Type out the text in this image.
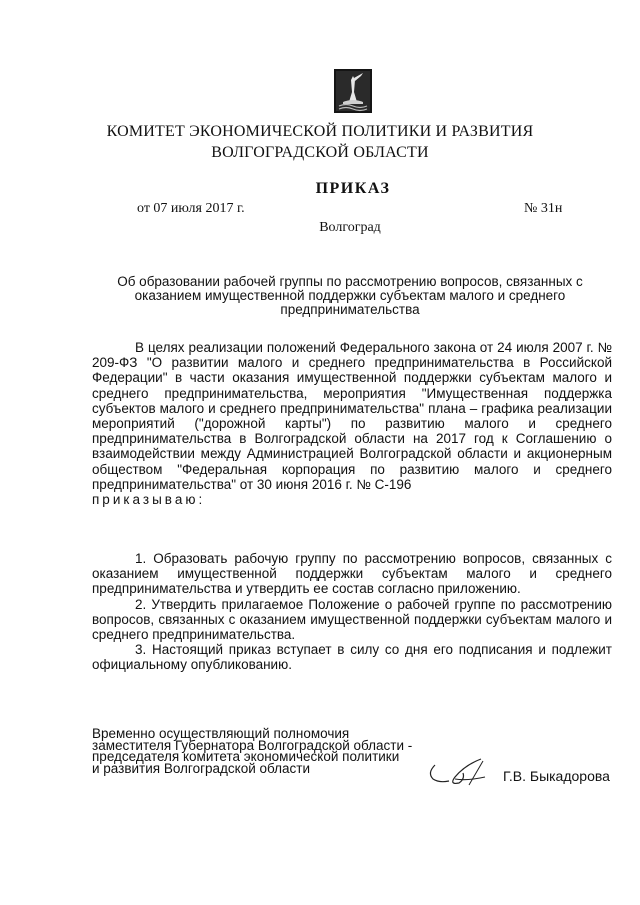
КОМИТЕТ ЭКОНОМИЧЕСКОЙ ПОЛИТИКИ И РАЗВИТИЯ
ВОЛГОГРАДСКОЙ ОБЛАСТИ
ПРИКАЗ
от 07 июля 2017 г.	№ 31н
Волгоград
Об образовании рабочей группы по рассмотрению вопросов, связанных с оказанием имущественной поддержки субъектам малого и среднего предпринимательства

В целях реализации положений Федерального закона от 24 июля 2007 г. № 209-ФЗ "О развитии малого и среднего предпринимательства в Российской Федерации" в части оказания имущественной поддержки субъектам малого и среднего предпринимательства, мероприятия "Имущественная поддержка субъектов малого и среднего предпринимательства" плана – графика реализации мероприятий ("дорожной карты") по развитию малого и среднего предпринимательства в Волгоградской области на 2017 год к Соглашению о взаимодействии между Администрацией Волгоградской области и акционерным обществом "Федеральная корпорация по развитию малого и среднего предпринимательства" от 30 июня 2016 г. № С-196

приказываю:

1. Образовать рабочую группу по рассмотрению вопросов, связанных с оказанием имущественной поддержки субъектам малого и среднего предпринимательства и утвердить ее состав согласно приложению.

2. Утвердить прилагаемое Положение о рабочей группе по рассмотрению вопросов, связанных с оказанием имущественной поддержки субъектам малого и среднего предпринимательства.

3. Настоящий приказ вступает в силу со дня его подписания и подлежит официальному опубликованию.

Временно осуществляющий полномочия
заместителя Губернатора Волгоградской области -
председателя комитета экономической политики
и развития Волгоградской области	Г.В. Быкадорова
